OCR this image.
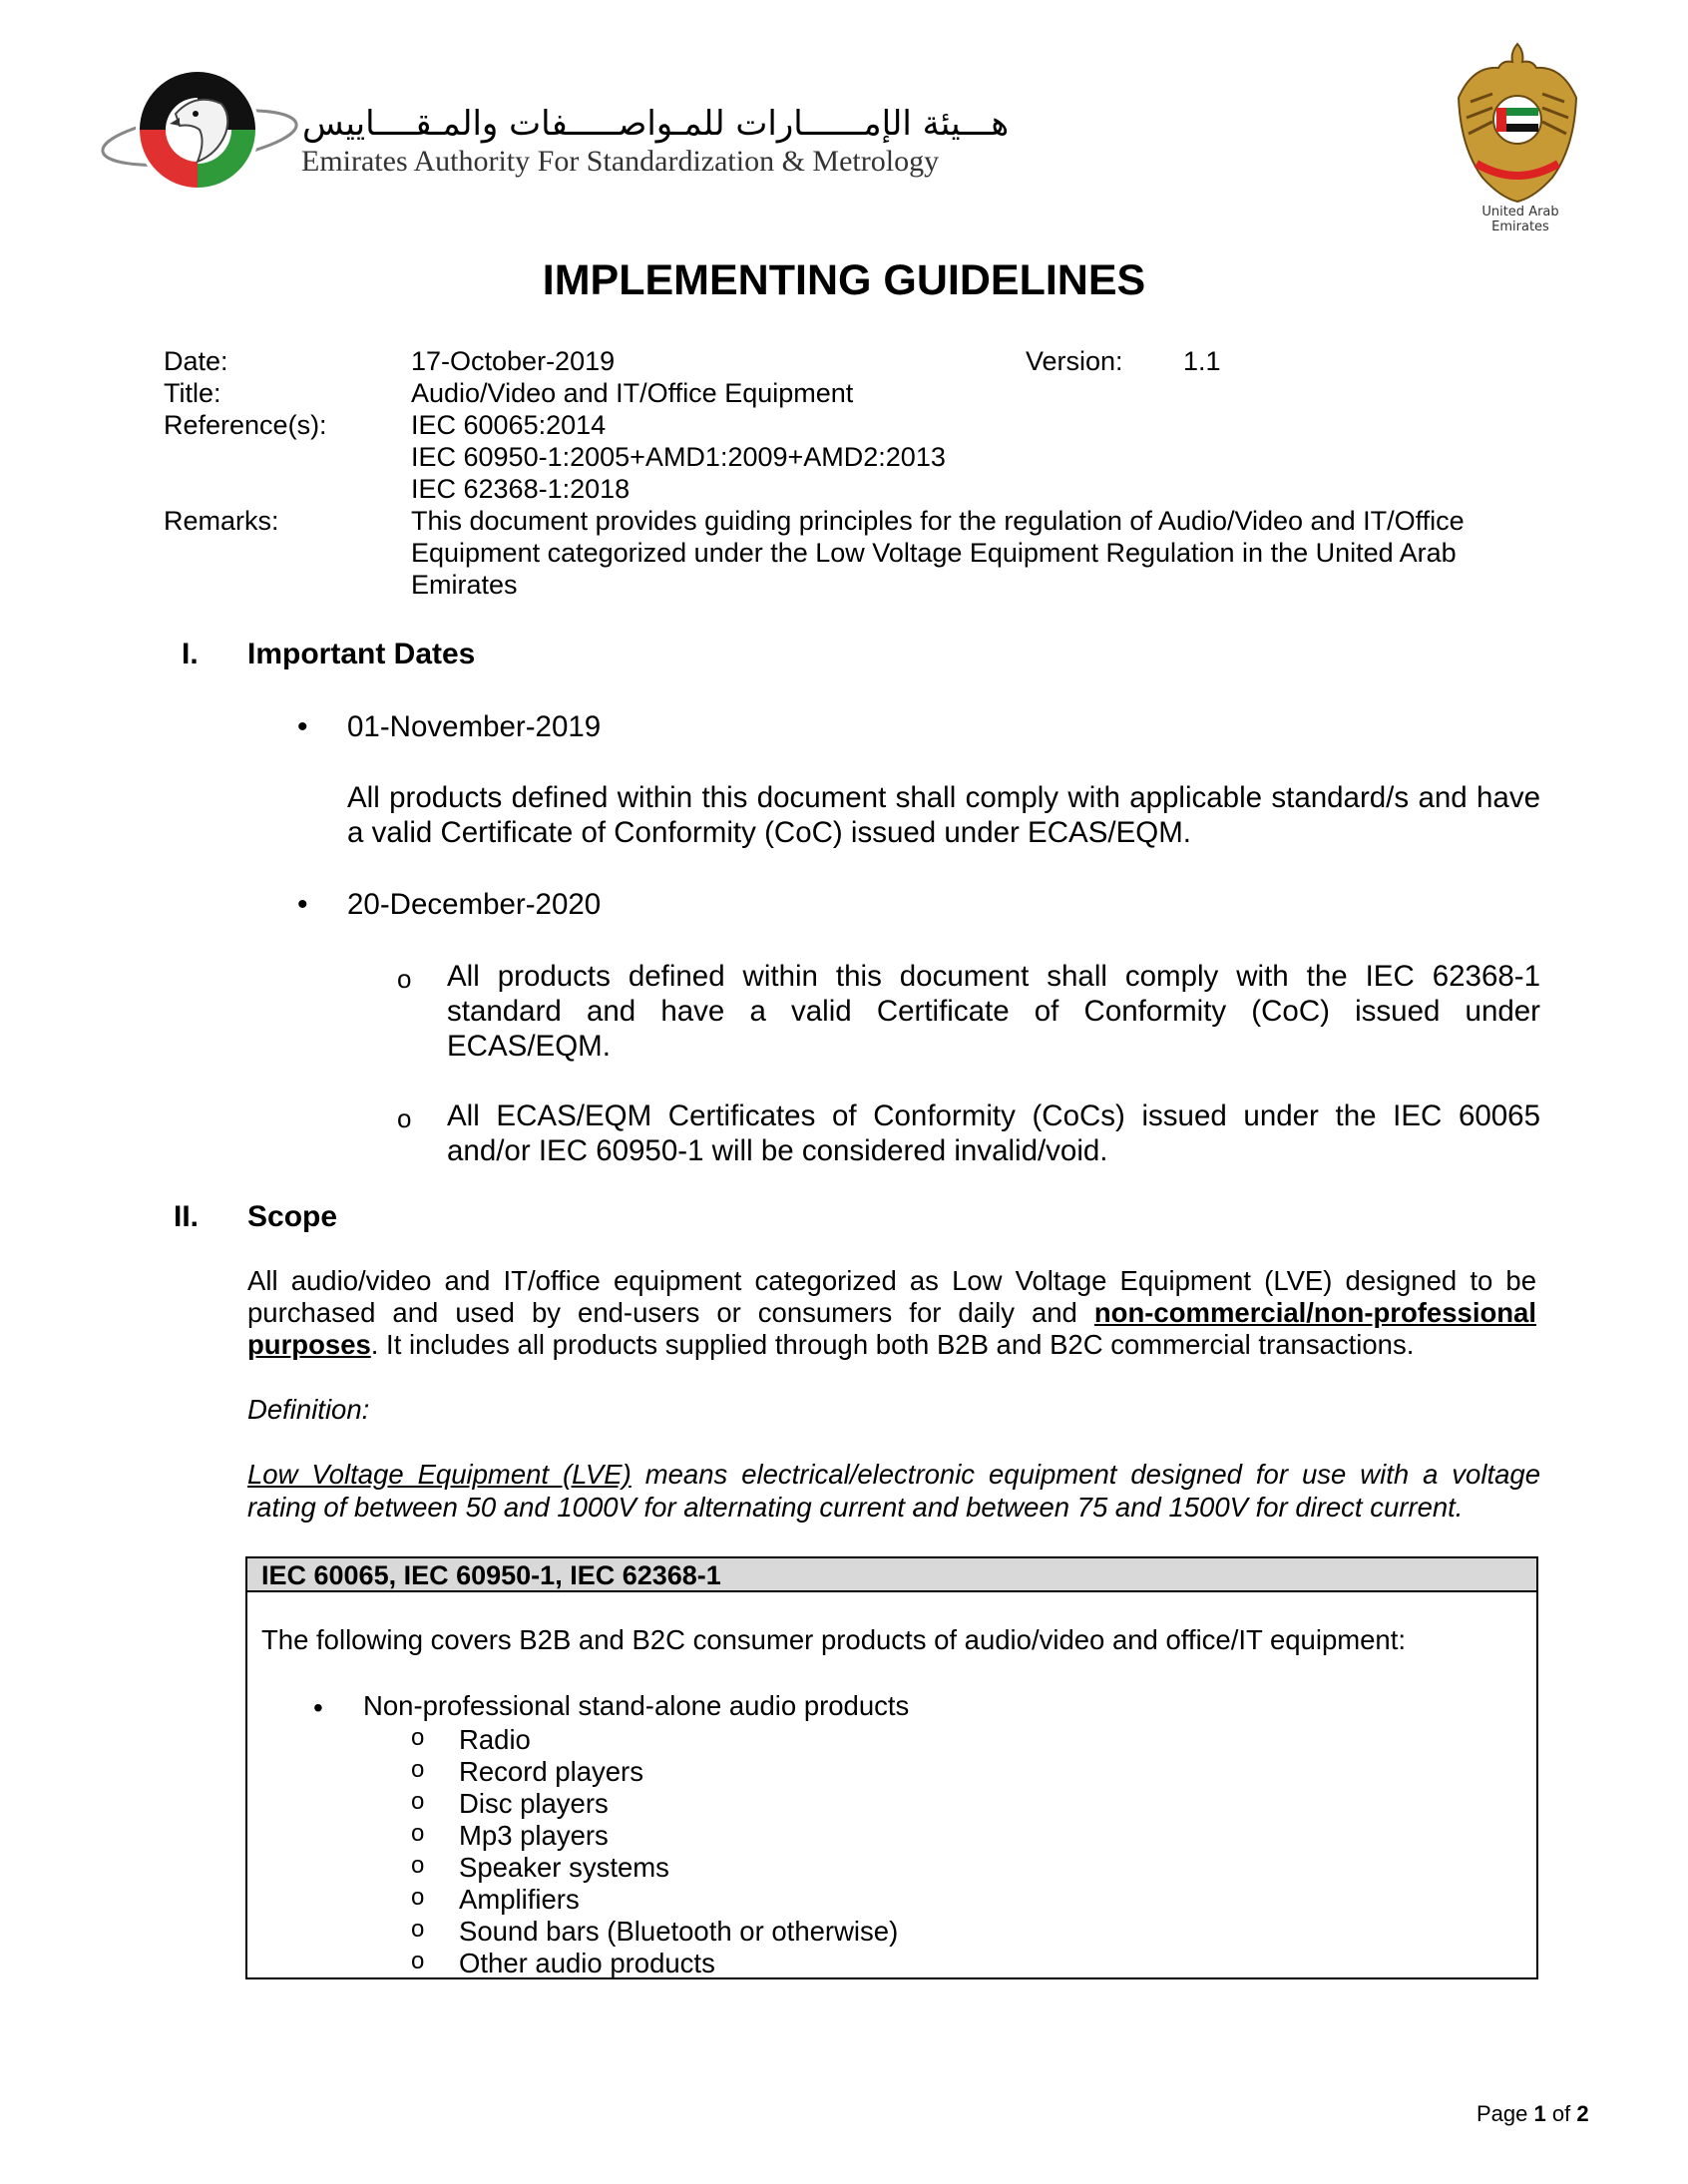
هـــيئة الإمــــــارات للمـواصـــــفات والمـقــــاييس
Emirates Authority For Standardization & Metrology
United Arab Emirates
IMPLEMENTING GUIDELINES
Date:	17-October-2019	Version: 1.1
Title:	Audio/Video and IT/Office Equipment
Reference(s):	IEC 60065:2014
IEC 60950-1:2005+AMD1:2009+AMD2:2013
IEC 62368-1:2018
Remarks:	This document provides guiding principles for the regulation of Audio/Video and IT/Office Equipment categorized under the Low Voltage Equipment Regulation in the United Arab Emirates
I. Important Dates
• 01-November-2019
All products defined within this document shall comply with applicable standard/s and have a valid Certificate of Conformity (CoC) issued under ECAS/EQM.
• 20-December-2020
o All products defined within this document shall comply with the IEC 62368-1 standard and have a valid Certificate of Conformity (CoC) issued under ECAS/EQM.
o All ECAS/EQM Certificates of Conformity (CoCs) issued under the IEC 60065 and/or IEC 60950-1 will be considered invalid/void.
II. Scope
All audio/video and IT/office equipment categorized as Low Voltage Equipment (LVE) designed to be purchased and used by end-users or consumers for daily and non-commercial/non-professional purposes. It includes all products supplied through both B2B and B2C commercial transactions.
Definition:
Low Voltage Equipment (LVE) means electrical/electronic equipment designed for use with a voltage rating of between 50 and 1000V for alternating current and between 75 and 1500V for direct current.
IEC 60065, IEC 60950-1, IEC 62368-1
The following covers B2B and B2C consumer products of audio/video and office/IT equipment:
• Non-professional stand-alone audio products
o Radio
o Record players
o Disc players
o Mp3 players
o Speaker systems
o Amplifiers
o Sound bars (Bluetooth or otherwise)
o Other audio products
Page 1 of 2
